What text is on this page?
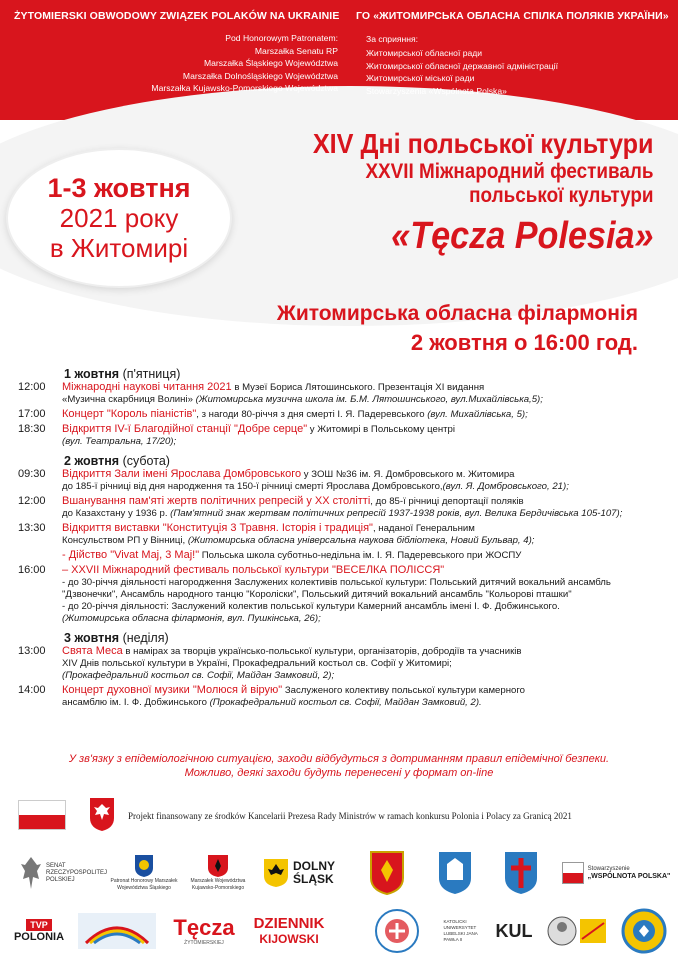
ŻYTOMIERSKI OBWODOWY ZWIĄZEK POLAKÓW NA UKRAINIE
Pod Honorowym Patronatem:
Marszałka Senatu RP
Marszałka Śląskiego Województwa
Marszałka Dolnośląskiego Województwa
Marszałka Kujawsko-Pomorskiego Województwa
ГО «ЖИТОМИРСЬКА ОБЛАСНА СПІЛКА ПОЛЯКІВ УКРАЇНИ»
За сприяння:
Житомирської обласної ради
Житомирської обласної державної адміністрації
Житомирської міської ради
Stowarzyszenia «Wspólnota Polska»
1-3 жовтня
2021 року
в Житомирі
XIV Дні польської культури
XXVII Міжнародний фестиваль
польської культури
«Tęcza Polesia»
Житомирська обласна філармонія
2 жовтня о 16:00 год.
1 жовтня (п'ятниця)
12:00	Міжнародні наукові читання 2021 в Музеї Бориса Лятошинського. Презентація XI видання
«Музична скарбниця Волині» (Житомирська музична школа ім. Б.М. Лятошинського, вул.Михайлівська,5);
17:00	Концерт "Король піаністів", з нагоди 80-річчя з дня смерті І. Я. Падеревського (вул. Михайлівська, 5);
18:30	Відкриття IV-ї Благодійної станції "Добре серце" у Житомирі в Польському центрі
(вул. Театральна, 17/20);
2 жовтня (субота)
09:30	Відкриття Зали імені Ярослава Домбровського у ЗОШ №36 ім. Я. Домбровського м. Житомира
до 185-ї річниці від дня народження та 150-ї річниці смерті Ярослава Домбровського,(вул. Я. Домбровського, 21);
12:00	Вшанування пам'яті жертв політичних репресій у XX столітті, до 85-ї річниці депортації поляків
до Казахстану у 1936 р. (Пам'ятний знак жертвам політичних репресій 1937-1938 років, вул. Велика Бердичівська 105-107);
13:30	Відкриття виставки "Конституція 3 Травня. Історія і традиція", наданої Генеральним
Консульством РП у Вінниці, (Житомирська обласна універсальна наукова бібліотека, Новий Бульвар, 4);
- Дійство "Vivat Maj, 3 Maj!" Польська школа суботньо-недільна ім. І. Я. Падеревського при ЖОСПУ
16:00	– XXVII Міжнародний фестиваль польської культури "ВЕСЕЛКА ПОЛІССЯ"
- до 30-річчя діяльності нагородження Заслужених колективів польської культури: Польський дитячий вокальний ансамбль
"Дзвонечки", Ансамбль народного танцю "Короліски", Польський дитячий вокальний ансамбль "Кольорові пташки"
- до 20-річчя діяльності: Заслужений колектив польської культури Камерний ансамбль імені І. Ф. Добжинського.
(Житомирська обласна філармонія, вул. Пушкінська, 26);
3 жовтня (неділя)
13:00	Свята Меса в намірах за творців українсько-польської культури, організаторів, добродіїв та учасників
XIV Днів польської культури в Україні, Прокафедральний костьол св. Софії у Житомирі;
(Прокафедральний костьол св. Софії, Майдан Замковий, 2);
14:00	Концерт духовної музики "Молюся й вірую" Заслуженого колективу польської культури камерного
ансамблю ім. І. Ф. Добжинського (Прокафедральний костьол св. Софії, Майдан Замковий, 2).
У зв'язку з епідеміологічною ситуацією, заходи відбудуться з дотриманням правил епідемічної безпеки.
Можливо, деякі заходи будуть перенесені у формат on-line
Projekt finansowany ze środków Kancelarii Prezesa Rady Ministrów w ramach konkursu Polonia i Polacy za Granicą 2021
SENAT RZECZYPOSPOLITEJ POLSKIEJ	Patronat Honorowy Marszałek Województwa Śląskiego
Marszałek Województwa Kujawsko-Pomorskiego
DOLNY ŚLĄSK
Stowarzyszenie
„WSPÓLNOTA POLSKA"
TVP
POLONIA	Tęcza
ŻYTOMIERSKIEJ
DZIENNIK
KIJOWSKI
KATOLICKI UNIWERSYTET LUBELSKI JANA PAWŁA II	KUL
